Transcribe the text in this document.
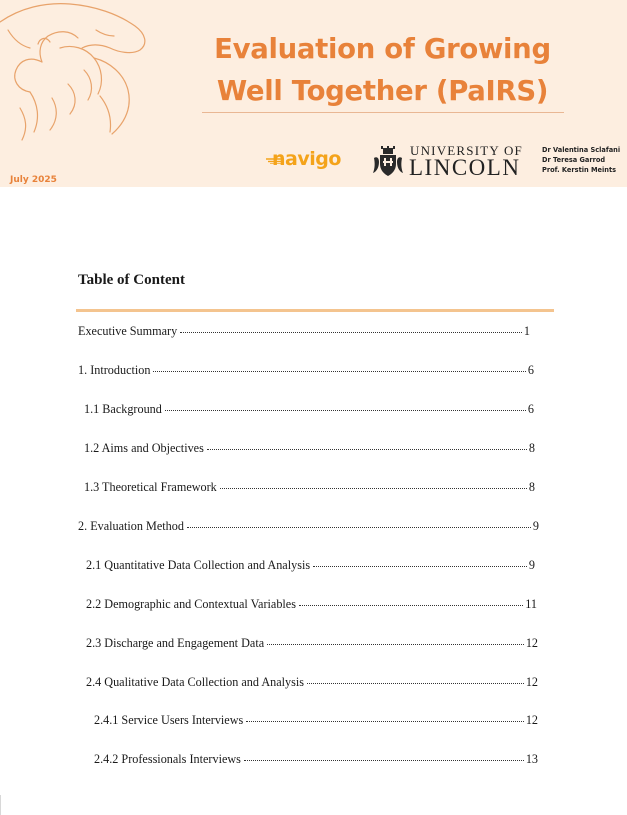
Evaluation of Growing
Well Together (PaIRS)
July 2025
navigo	UNIVERSITY OF
LINCOLN
Dr Valentina Sclafani
Dr Teresa Garrod
Prof. Kerstin Meints
Table of Content
Executive Summary	1
1. Introduction	6
1.1 Background	6
1.2 Aims and Objectives	8
1.3 Theoretical Framework	8
2. Evaluation Method	9
2.1 Quantitative Data Collection and Analysis	9
2.2 Demographic and Contextual Variables	11
2.3 Discharge and Engagement Data	12
2.4 Qualitative Data Collection and Analysis	12
2.4.1 Service Users Interviews	12
2.4.2 Professionals Interviews	13
